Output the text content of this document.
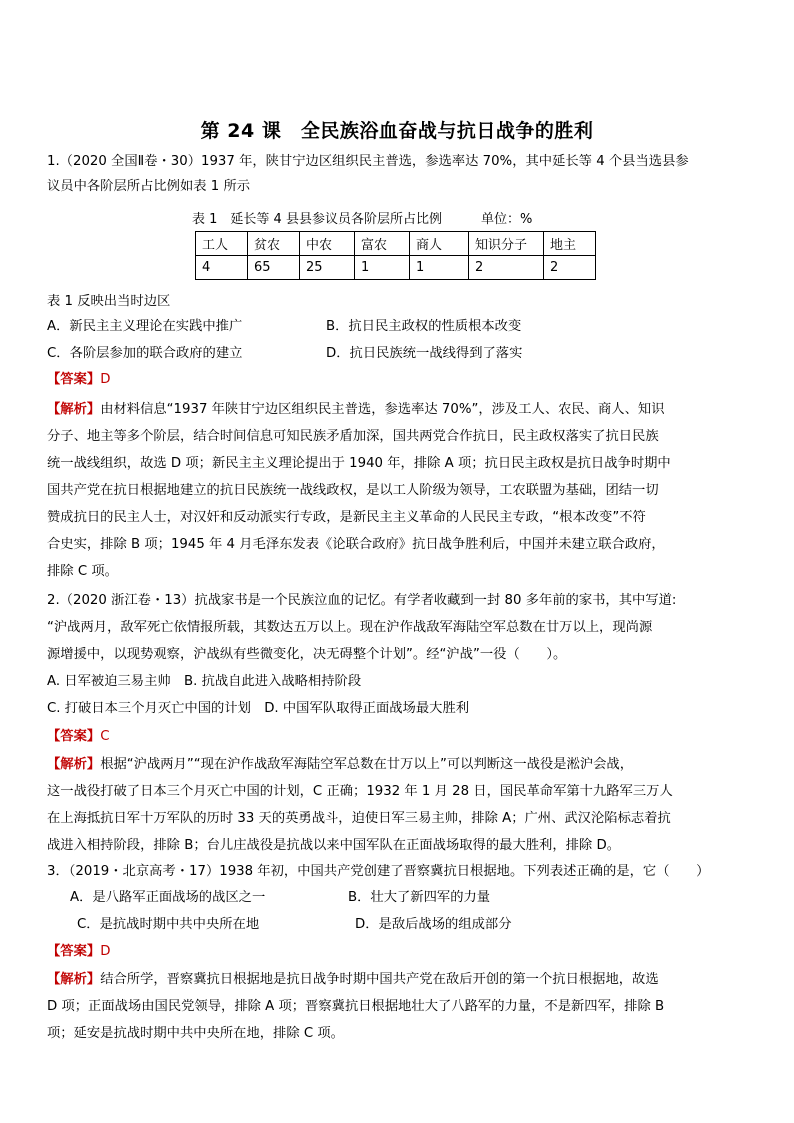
第 24 课　全民族浴血奋战与抗日战争的胜利
1.（2020 全国Ⅱ卷・30）1937 年，陕甘宁边区组织民主普选，参选率达 70%，其中延长等 4 个县当选县参
议员中各阶层所占比例如表 1 所示
表 1　延长等 4 县县参议员各阶层所占比例　　　单位：%
工人	贫农	中农	富农	商人	知识分子	地主
4	65	25	1	1	2	2
表 1 反映出当时边区
A．新民主主义理论在实践中推广	B．抗日民主政权的性质根本改变
C．各阶层参加的联合政府的建立	D．抗日民族统一战线得到了落实
【答案】D
【解析】由材料信息“1937 年陕甘宁边区组织民主普选，参选率达 70%”，涉及工人、农民、商人、知识
分子、地主等多个阶层，结合时间信息可知民族矛盾加深，国共两党合作抗日，民主政权落实了抗日民族
统一战线组织，故选 D 项；新民主主义理论提出于 1940 年，排除 A 项；抗日民主政权是抗日战争时期中
国共产党在抗日根据地建立的抗日民族统一战线政权，是以工人阶级为领导，工农联盟为基础，团结一切
赞成抗日的民主人士，对汉奸和反动派实行专政，是新民主主义革命的人民民主专政，“根本改变”不符
合史实，排除 B 项；1945 年 4 月毛泽东发表《论联合政府》抗日战争胜利后，中国并未建立联合政府，
排除 C 项。
2.（2020 浙江卷・13）抗战家书是一个民族泣血的记忆。有学者收藏到一封 80 多年前的家书，其中写道:
“沪战两月，敌军死亡依情报所载，其数达五万以上。现在沪作战敌军海陆空军总数在廿万以上，现尚源
源增援中，以现势观察，沪战纵有些微变化，决无碍整个计划”。经“沪战”一役（　　）。
A. 日军被迫三易主帅　B. 抗战自此进入战略相持阶段
C. 打破日本三个月灭亡中国的计划　D. 中国军队取得正面战场最大胜利
【答案】C
【解析】根据“沪战两月”“现在沪作战敌军海陆空军总数在廿万以上”可以判断这一战役是淞沪会战，
这一战役打破了日本三个月灭亡中国的计划，C 正确；1932 年 1 月 28 日，国民革命军第十九路军三万人
在上海抵抗日军十万军队的历时 33 天的英勇战斗，迫使日军三易主帅，排除 A；广州、武汉沦陷标志着抗
战进入相持阶段，排除 B；台儿庄战役是抗战以来中国军队在正面战场取得的最大胜利，排除 D。
3．（2019・北京高考・17）1938 年初，中国共产党创建了晋察冀抗日根据地。下列表述正确的是，它（　　）
A．是八路军正面战场的战区之一	B．壮大了新四军的力量
C．是抗战时期中共中央所在地	D．是敌后战场的组成部分
【答案】D
【解析】结合所学，晋察冀抗日根据地是抗日战争时期中国共产党在敌后开创的第一个抗日根据地，故选
D 项；正面战场由国民党领导，排除 A 项；晋察冀抗日根据地壮大了八路军的力量，不是新四军，排除 B
项；延安是抗战时期中共中央所在地，排除 C 项。
